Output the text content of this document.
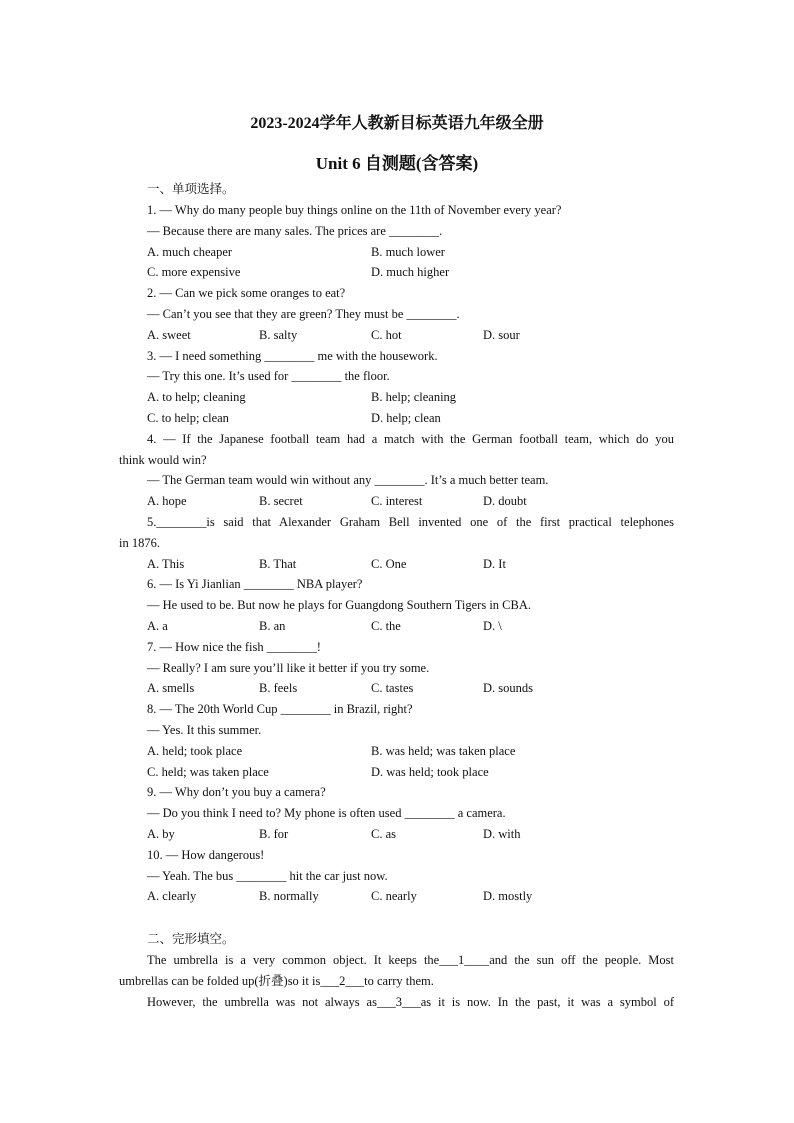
2023-2024学年人教新目标英语九年级全册
Unit 6 自测题(含答案)
一、单项选择。
1. — Why do many people buy things online on the 11th of November every year?
— Because there are many sales. The prices are ________.
A. much cheaper	B. much lower
C. more expensive	D. much higher
2. — Can we pick some oranges to eat?
— Can’t you see that they are green? They must be ________.
A. sweet	B. salty	C. hot	D. sour
3. — I need something ________ me with the housework.
— Try this one. It’s used for ________ the floor.
A. to help; cleaning	B. help; cleaning
C. to help; clean	D. help; clean
4. — If the Japanese football team had a match with the German football team, which do you
think would win?
— The German team would win without any ________. It’s a much better team.
A. hope	B. secret	C. interest	D. doubt
5.________is said that Alexander Graham Bell invented one of the first practical telephones
in 1876.
A. This	B. That	C. One	D. It
6. — Is Yi Jianlian ________ NBA player?
— He used to be. But now he plays for Guangdong Southern Tigers in CBA.
A. a	B. an	C. the	D. \
7. — How nice the fish ________!
— Really? I am sure you’ll like it better if you try some.
A. smells	B. feels	C. tastes	D. sounds
8. — The 20th World Cup ________ in Brazil, right?
— Yes. It this summer.
A. held; took place	B. was held; was taken place
C. held; was taken place	D. was held; took place
9. — Why don’t you buy a camera?
— Do you think I need to? My phone is often used ________ a camera.
A. by	B. for	C. as	D. with
10. — How dangerous!
— Yeah. The bus ________ hit the car just now.
A. clearly	B. normally	C. nearly	D. mostly
二、完形填空。
The umbrella is a very common object. It keeps the___1____and the sun off the people. Most
umbrellas can be folded up(折叠)so it is___2___to carry them.
However, the umbrella was not always as___3___as it is now. In the past, it was a symbol of
